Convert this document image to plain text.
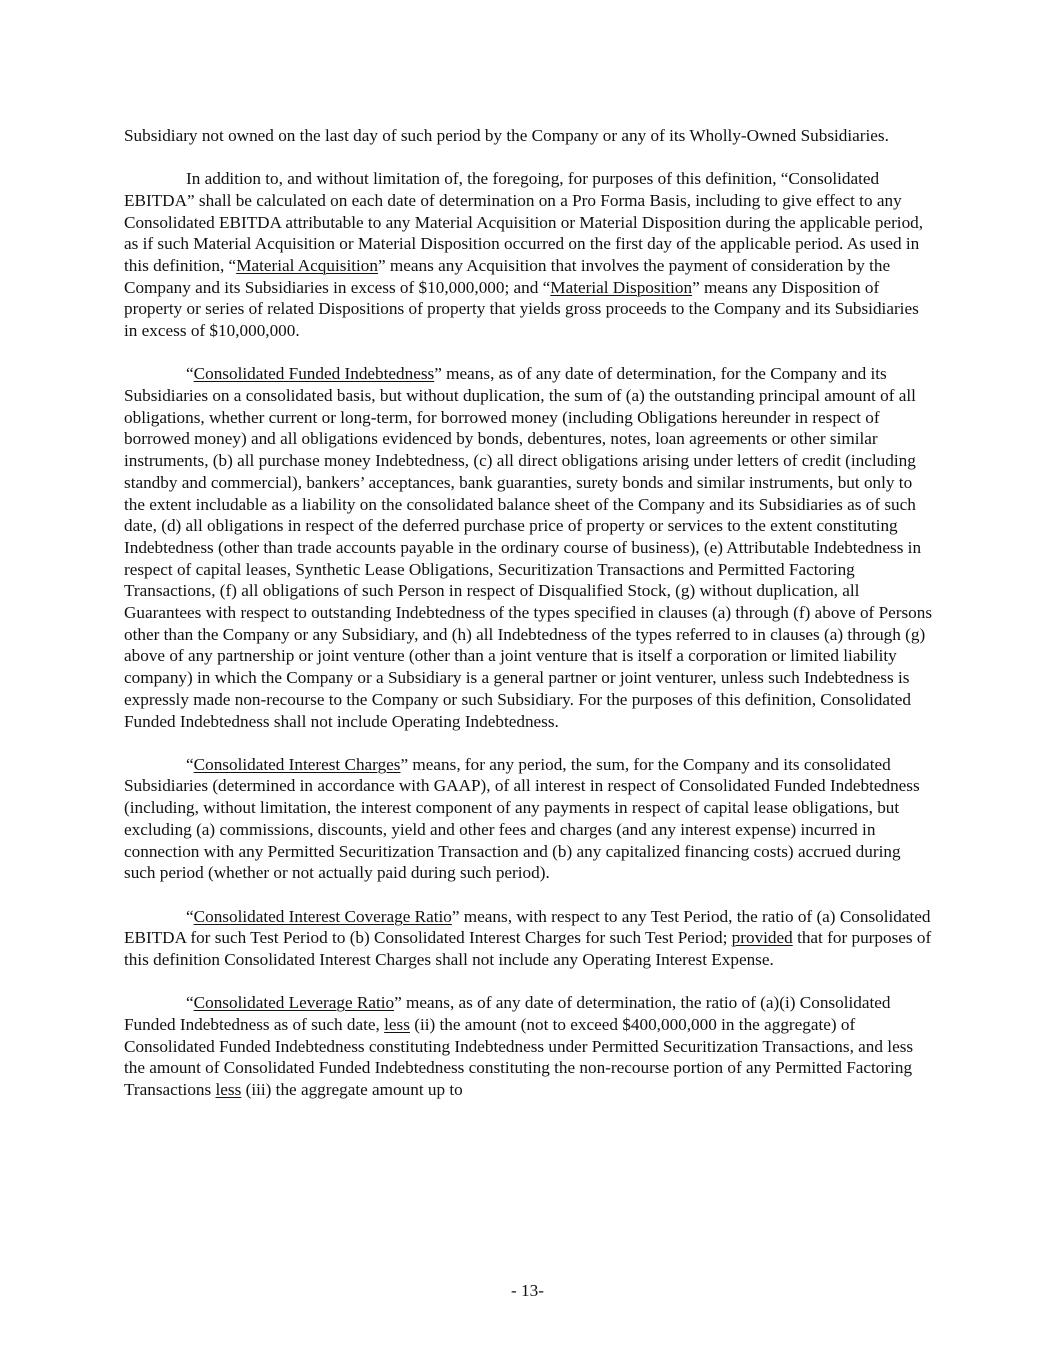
Subsidiary not owned on the last day of such period by the Company or any of its Wholly-Owned Subsidiaries.

In addition to, and without limitation of, the foregoing, for purposes of this definition, “Consolidated EBITDA” shall be calculated on each date of determination on a Pro Forma Basis, including to give effect to any Consolidated EBITDA attributable to any Material Acquisition or Material Disposition during the applicable period, as if such Material Acquisition or Material Disposition occurred on the first day of the applicable period. As used in this definition, “Material Acquisition” means any Acquisition that involves the payment of consideration by the Company and its Subsidiaries in excess of $10,000,000; and “Material Disposition” means any Disposition of property or series of related Dispositions of property that yields gross proceeds to the Company and its Subsidiaries in excess of $10,000,000.

“Consolidated Funded Indebtedness” means, as of any date of determination, for the Company and its Subsidiaries on a consolidated basis, but without duplication, the sum of (a) the outstanding principal amount of all obligations, whether current or long-term, for borrowed money (including Obligations hereunder in respect of borrowed money) and all obligations evidenced by bonds, debentures, notes, loan agreements or other similar instruments, (b) all purchase money Indebtedness, (c) all direct obligations arising under letters of credit (including standby and commercial), bankers’ acceptances, bank guaranties, surety bonds and similar instruments, but only to the extent includable as a liability on the consolidated balance sheet of the Company and its Subsidiaries as of such date, (d) all obligations in respect of the deferred purchase price of property or services to the extent constituting Indebtedness (other than trade accounts payable in the ordinary course of business), (e) Attributable Indebtedness in respect of capital leases, Synthetic Lease Obligations, Securitization Transactions and Permitted Factoring Transactions, (f) all obligations of such Person in respect of Disqualified Stock, (g) without duplication, all Guarantees with respect to outstanding Indebtedness of the types specified in clauses (a) through (f) above of Persons other than the Company or any Subsidiary, and (h) all Indebtedness of the types referred to in clauses (a) through (g) above of any partnership or joint venture (other than a joint venture that is itself a corporation or limited liability company) in which the Company or a Subsidiary is a general partner or joint venturer, unless such Indebtedness is expressly made non-recourse to the Company or such Subsidiary. For the purposes of this definition, Consolidated Funded Indebtedness shall not include Operating Indebtedness.

“Consolidated Interest Charges” means, for any period, the sum, for the Company and its consolidated Subsidiaries (determined in accordance with GAAP), of all interest in respect of Consolidated Funded Indebtedness (including, without limitation, the interest component of any payments in respect of capital lease obligations, but excluding (a) commissions, discounts, yield and other fees and charges (and any interest expense) incurred in connection with any Permitted Securitization Transaction and (b) any capitalized financing costs) accrued during such period (whether or not actually paid during such period).

“Consolidated Interest Coverage Ratio” means, with respect to any Test Period, the ratio of (a) Consolidated EBITDA for such Test Period to (b) Consolidated Interest Charges for such Test Period; provided that for purposes of this definition Consolidated Interest Charges shall not include any Operating Interest Expense.

“Consolidated Leverage Ratio” means, as of any date of determination, the ratio of (a)(i) Consolidated Funded Indebtedness as of such date, less (ii) the amount (not to exceed $400,000,000 in the aggregate) of Consolidated Funded Indebtedness constituting Indebtedness under Permitted Securitization Transactions, and less the amount of Consolidated Funded Indebtedness constituting the non-recourse portion of any Permitted Factoring Transactions less (iii) the aggregate amount up to

- 13-
